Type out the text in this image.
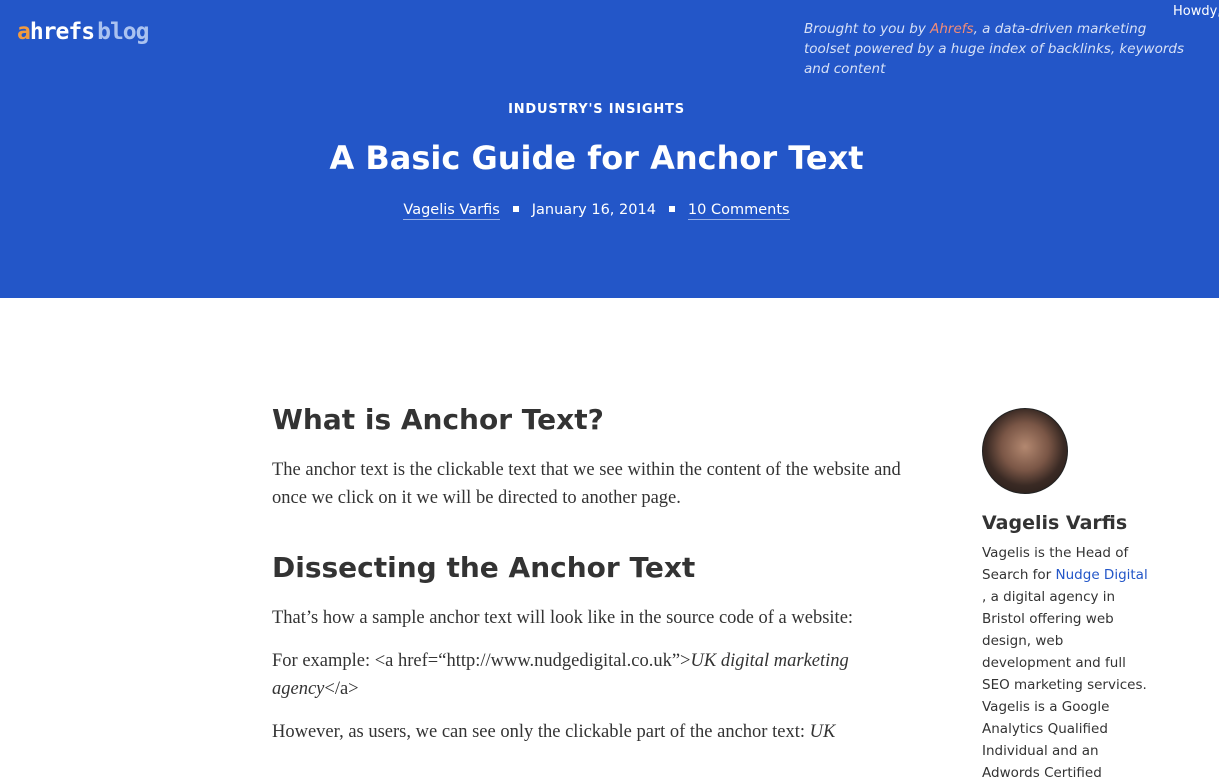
ahrefs blog	Brought to you by Ahrefs, a data-driven marketing toolset powered by a huge index of backlinks, keywords and content
Howdy,
INDUSTRY'S INSIGHTS
A Basic Guide for Anchor Text
Vagelis Varfis January 16, 2014 10 Comments
What is Anchor Text?

The anchor text is the clickable text that we see within the content of the website and once we click on it we will be directed to another page.

Dissecting the Anchor Text

That’s how a sample anchor text will look like in the source code of a website:

For example: <a href=“http://www.nudgedigital.co.uk”>UK digital marketing agency</a>

However, as users, we can see only the clickable part of the anchor text: UK

Vagelis Varfis
Vagelis is the Head of Search for Nudge Digital , a digital agency in Bristol offering web design, web development and full SEO marketing services. Vagelis is a Google Analytics Qualified Individual and an Adwords Certified
